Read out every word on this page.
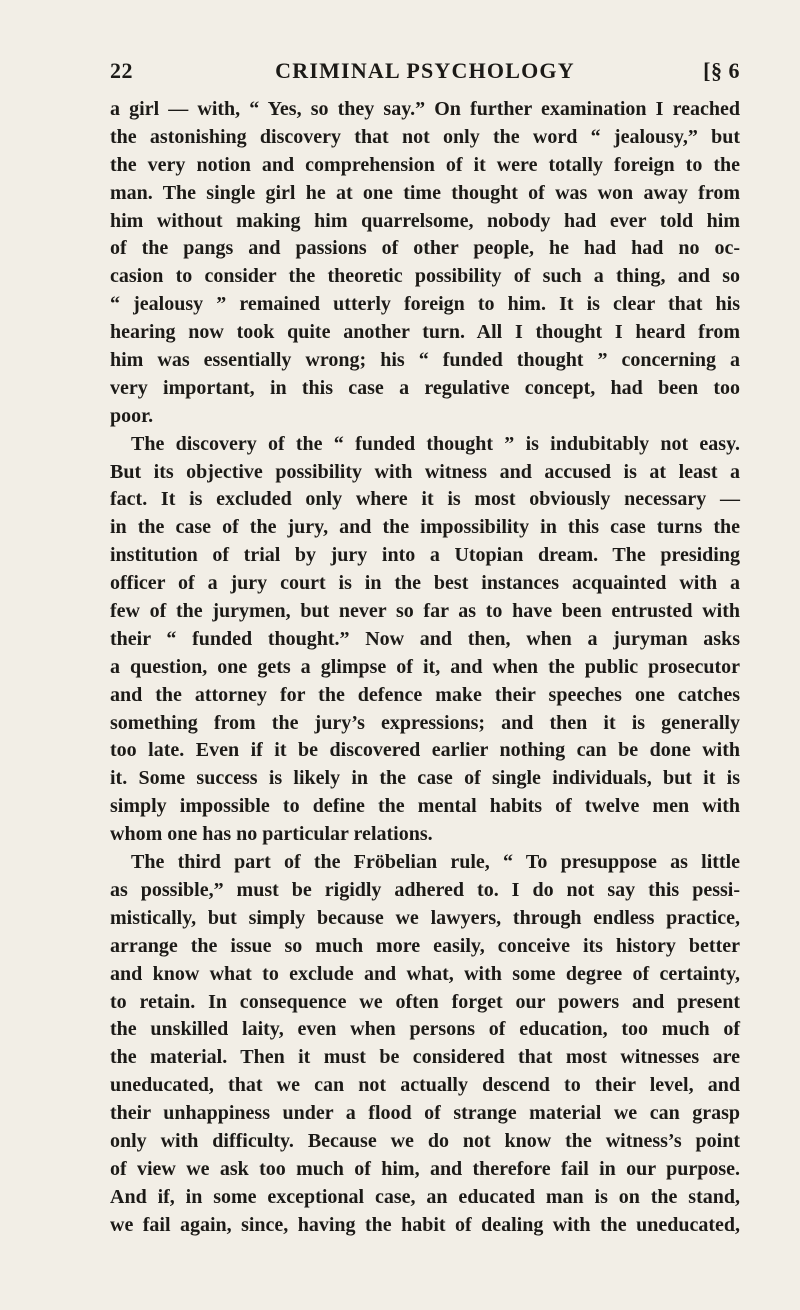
22	CRIMINAL PSYCHOLOGY	[§ 6
a girl — with, “ Yes, so they say.” On further examination I reached
the astonishing discovery that not only the word “ jealousy,” but
the very notion and comprehension of it were totally foreign to the
man. The single girl he at one time thought of was won away from
him without making him quarrelsome, nobody had ever told him
of the pangs and passions of other people, he had had no oc-
casion to consider the theoretic possibility of such a thing, and so
“ jealousy ” remained utterly foreign to him. It is clear that his
hearing now took quite another turn. All I thought I heard from
him was essentially wrong; his “ funded thought ” concerning a
very important, in this case a regulative concept, had been too
poor.
The discovery of the “ funded thought ” is indubitably not easy.
But its objective possibility with witness and accused is at least a
fact. It is excluded only where it is most obviously necessary —
in the case of the jury, and the impossibility in this case turns the
institution of trial by jury into a Utopian dream. The presiding
officer of a jury court is in the best instances acquainted with a
few of the jurymen, but never so far as to have been entrusted with
their “ funded thought.” Now and then, when a juryman asks
a question, one gets a glimpse of it, and when the public prosecutor
and the attorney for the defence make their speeches one catches
something from the jury’s expressions; and then it is generally
too late. Even if it be discovered earlier nothing can be done with
it. Some success is likely in the case of single individuals, but it is
simply impossible to define the mental habits of twelve men with
whom one has no particular relations.
The third part of the Fröbelian rule, “ To presuppose as little
as possible,” must be rigidly adhered to. I do not say this pessi-
mistically, but simply because we lawyers, through endless practice,
arrange the issue so much more easily, conceive its history better
and know what to exclude and what, with some degree of certainty,
to retain. In consequence we often forget our powers and present
the unskilled laity, even when persons of education, too much of
the material. Then it must be considered that most witnesses are
uneducated, that we can not actually descend to their level, and
their unhappiness under a flood of strange material we can grasp
only with difficulty. Because we do not know the witness’s point
of view we ask too much of him, and therefore fail in our purpose.
And if, in some exceptional case, an educated man is on the stand,
we fail again, since, having the habit of dealing with the uneducated,
